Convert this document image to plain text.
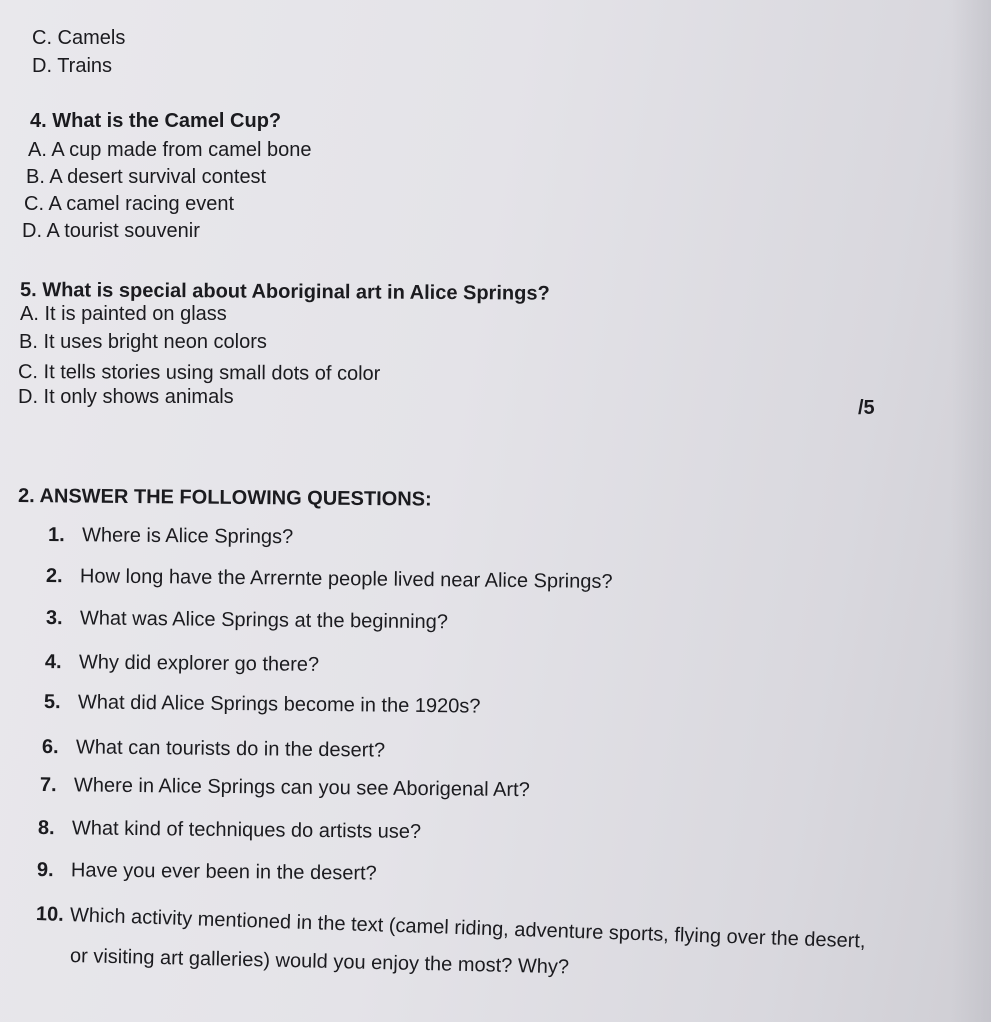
C. Camels
D. Trains
4. What is the Camel Cup?
A. A cup made from camel bone
B. A desert survival contest
C. A camel racing event
D. A tourist souvenir
5. What is special about Aboriginal art in Alice Springs?
A. It is painted on glass
B. It uses bright neon colors
C. It tells stories using small dots of color
D. It only shows animals	/5
2. ANSWER THE FOLLOWING QUESTIONS:
1. Where is Alice Springs?
2. How long have the Arrernte people lived near Alice Springs?
3. What was Alice Springs at the beginning?
4. Why did explorer go there?
5. What did Alice Springs become in the 1920s?
6. What can tourists do in the desert?
7. Where in Alice Springs can you see Aborigenal Art?
8. What kind of techniques do artists use?
9. Have you ever been in the desert?
10. Which activity mentioned in the text (camel riding, adventure sports, flying over the desert,
or visiting art galleries) would you enjoy the most? Why?
